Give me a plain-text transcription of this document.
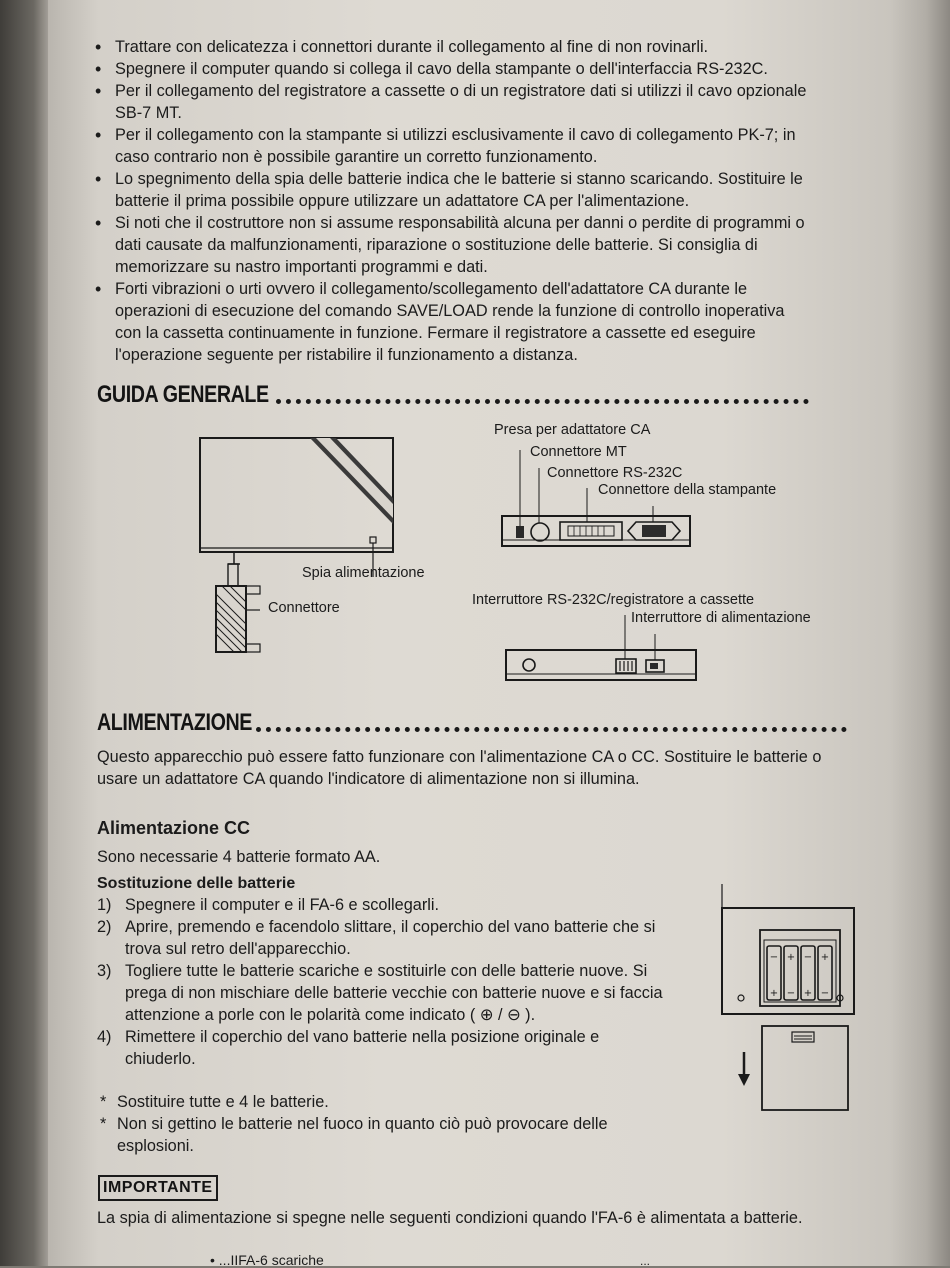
• Trattare con delicatezza i connettori durante il collegamento al fine di non rovinarli.
• Spegnere il computer quando si collega il cavo della stampante o dell'interfaccia RS-232C.
• Per il collegamento del registratore a cassette o di un registratore dati si utilizzi il cavo opzionale SB-7 MT.
• Per il collegamento con la stampante si utilizzi esclusivamente il cavo di collegamento PK-7; in caso contrario non è possibile garantire un corretto funzionamento.
• Lo spegnimento della spia delle batterie indica che le batterie si stanno scaricando. Sostituire le batterie il prima possibile oppure utilizzare un adattatore CA per l'alimentazione.
• Si noti che il costruttore non si assume responsabilità alcuna per danni o perdite di programmi o dati causate da malfunzionamenti, riparazione o sostituzione delle batterie. Si consiglia di memorizzare su nastro importanti programmi e dati.
• Forti vibrazioni o urti ovvero il collegamento/scollegamento dell'adattatore CA durante le operazioni di esecuzione del comando SAVE/LOAD rende la funzione di controllo inoperativa con la cassetta continuamente in funzione. Fermare il registratore a cassette ed eseguire l'operazione seguente per ristabilire il funzionamento a distanza.
GUIDA GENERALE
Spia alimentazione
Connettore
Presa per adattatore CA
Connettore MT
Connettore RS-232C
Connettore della stampante
Interruttore RS-232C/registratore a cassette
Interruttore di alimentazione
ALIMENTAZIONE
Questo apparecchio può essere fatto funzionare con l'alimentazione CA o CC. Sostituire le batterie o usare un adattatore CA quando l'indicatore di alimentazione non si illumina.
Alimentazione CC
Sono necessarie 4 batterie formato AA.
Sostituzione delle batterie
1) Spegnere il computer e il FA-6 e scollegarli.
2) Aprire, premendo e facendolo slittare, il coperchio del vano batterie che si trova sul retro dell'apparecchio.
3) Togliere tutte le batterie scariche e sostituirle con delle batterie nuove. Si prega di non mischiare delle batterie vecchie con batterie nuove e si faccia attenzione a porle con le polarità come indicato ( ⊕ / ⊖ ).
4) Rimettere il coperchio del vano batterie nella posizione originale e chiuderlo.
* Sostituire tutte e 4 le batterie.
* Non si gettino le batterie nel fuoco in quanto ciò può provocare delle esplosioni.
−
+
+
−
−
+
+
−
IMPORTANTE
La spia di alimentazione si spegne nelle seguenti condizioni quando l'FA-6 è alimentata a batterie.
• ...IIFA-6 scariche	...
